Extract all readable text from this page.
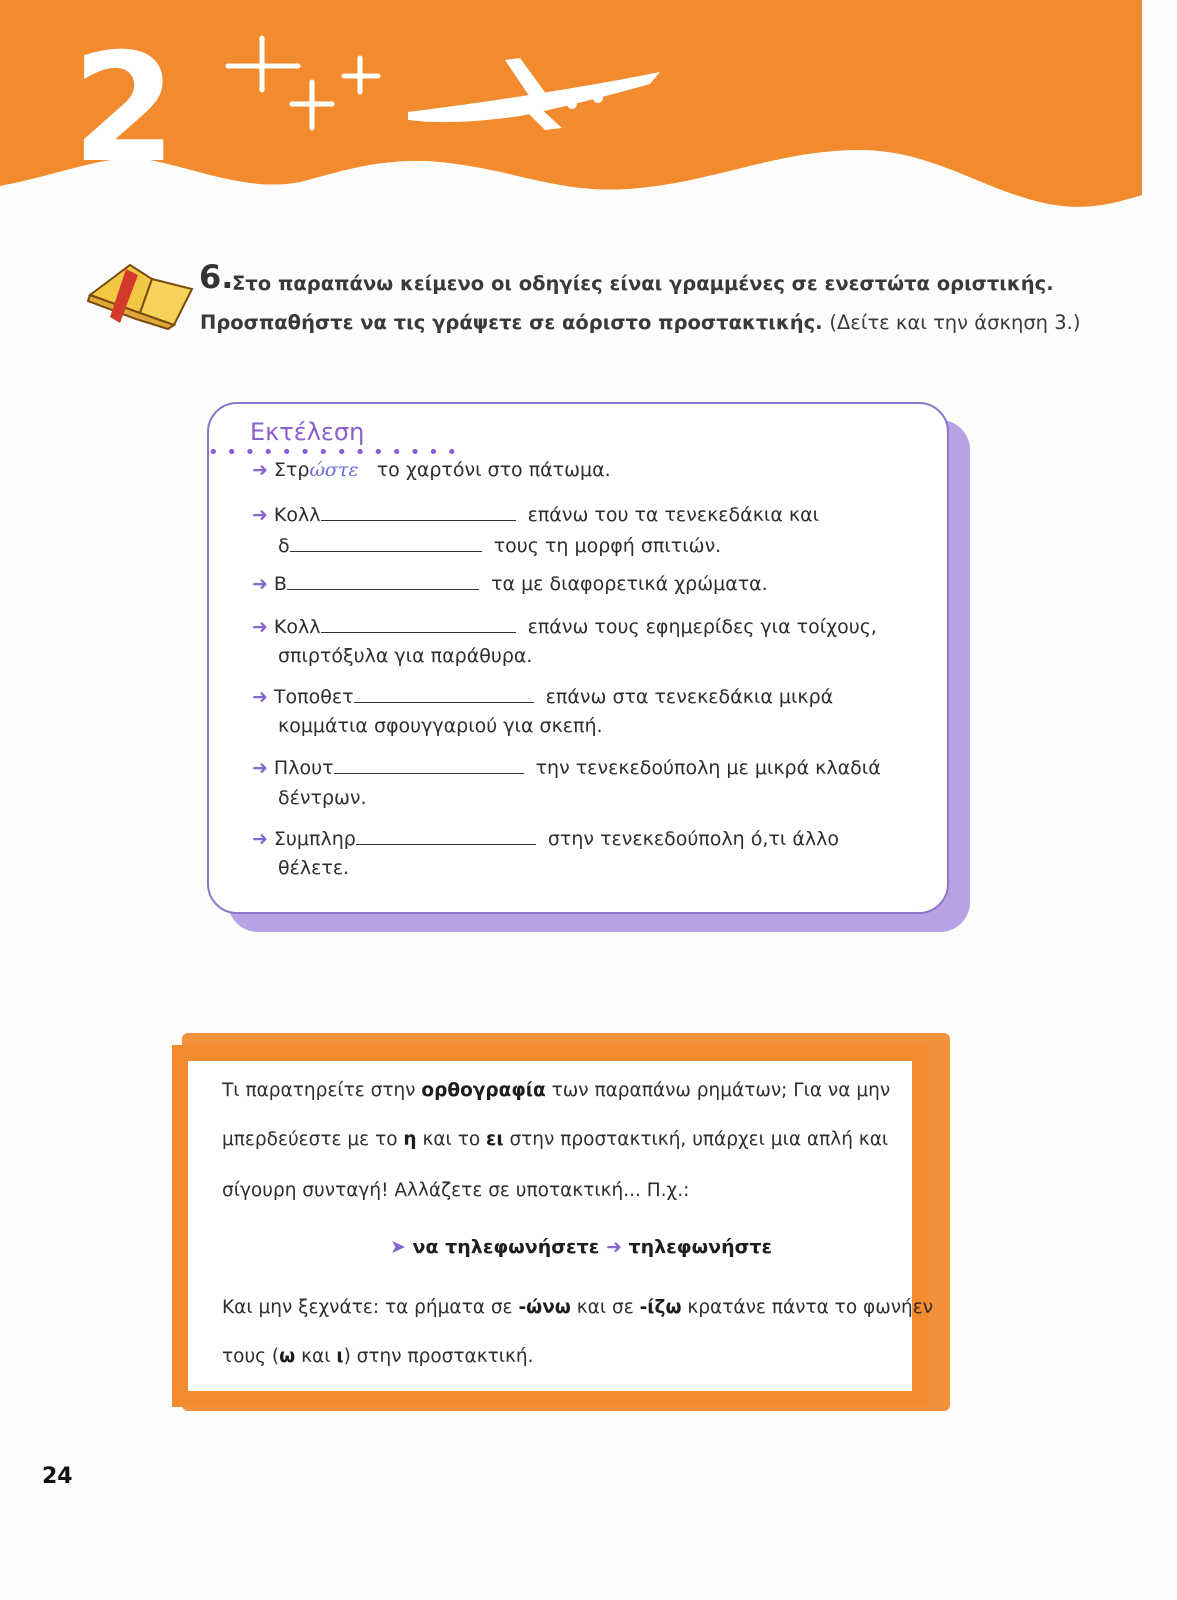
2
6.
Στο παραπάνω κείμενο οι οδηγίες είναι γραμμένες σε ενεστώτα οριστικής.
Προσπαθήστε να τις γράψετε σε αόριστο προστακτικής. (Δείτε και την άσκηση 3.)
Εκτέλεση
• • • • • • • • • • • • • •
➜ Στρώστε το χαρτόνι στο πάτωμα.
➜ Κολλ	επάνω του τα τενεκεδάκια και
δ	τους τη μορφή σπιτιών.
➜ Β	τα με διαφορετικά χρώματα.
➜ Κολλ	επάνω τους εφημερίδες για τοίχους,
σπιρτόξυλα για παράθυρα.
➜ Τοποθετ	επάνω στα τενεκεδάκια μικρά
κομμάτια σφουγγαριού για σκεπή.
➜ Πλουτ	την τενεκεδούπολη με μικρά κλαδιά
δέντρων.
➜ Συμπληρ	στην τενεκεδούπολη ό,τι άλλο
θέλετε.
Τι παρατηρείτε στην ορθογραφία των παραπάνω ρημάτων; Για να μην
μπερδεύεστε με το η και το ει στην προστακτική, υπάρχει μια απλή και
σίγουρη συνταγή! Αλλάζετε σε υποτακτική... Π.χ.:
➤ να τηλεφωνήσετε ➜ τηλεφωνήστε
Και μην ξεχνάτε: τα ρήματα σε -ώνω και σε -ίζω κρατάνε πάντα το φωνήεν
τους (ω και ι) στην προστακτική.
24
